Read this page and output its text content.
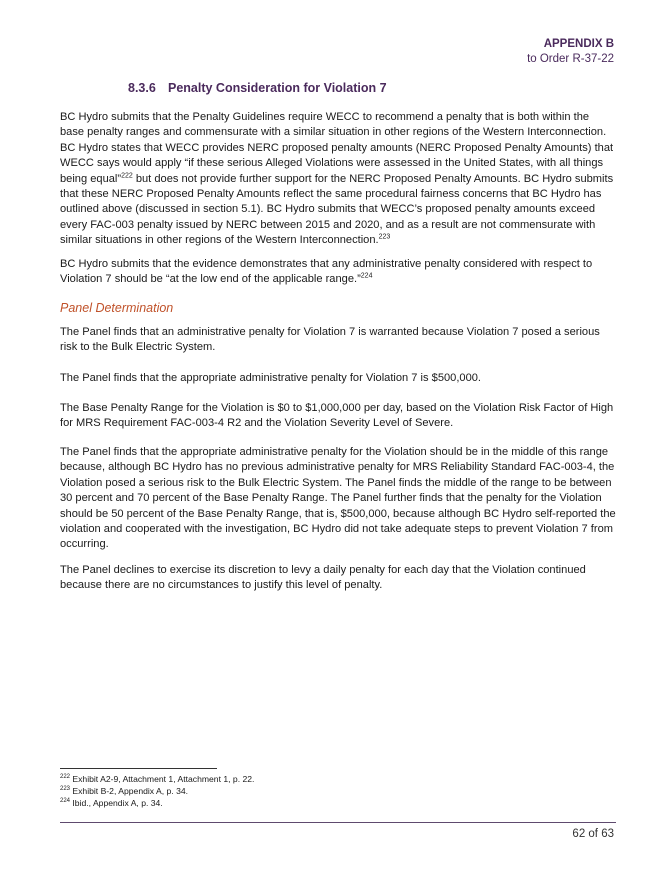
APPENDIX B
to Order R-37-22
8.3.6 Penalty Consideration for Violation 7

BC Hydro submits that the Penalty Guidelines require WECC to recommend a penalty that is both within the base penalty ranges and commensurate with a similar situation in other regions of the Western Interconnection. BC Hydro states that WECC provides NERC proposed penalty amounts (NERC Proposed Penalty Amounts) that WECC says would apply “if these serious Alleged Violations were assessed in the United States, with all things being equal”$^{222}$ but does not provide further support for the NERC Proposed Penalty Amounts. BC Hydro submits that these NERC Proposed Penalty Amounts reflect the same procedural fairness concerns that BC Hydro has outlined above (discussed in section 5.1). BC Hydro submits that WECC’s proposed penalty amounts exceed every FAC-003 penalty issued by NERC between 2015 and 2020, and as a result are not commensurate with similar situations in other regions of the Western Interconnection.$^{223}$

BC Hydro submits that the evidence demonstrates that any administrative penalty considered with respect to Violation 7 should be “at the low end of the applicable range.”$^{224}$

Panel Determination

The Panel finds that an administrative penalty for Violation 7 is warranted because Violation 7 posed a serious risk to the Bulk Electric System.

The Panel finds that the appropriate administrative penalty for Violation 7 is $500,000.

The Base Penalty Range for the Violation is $0 to $1,000,000 per day, based on the Violation Risk Factor of High for MRS Requirement FAC-003-4 R2 and the Violation Severity Level of Severe.

The Panel finds that the appropriate administrative penalty for the Violation should be in the middle of this range because, although BC Hydro has no previous administrative penalty for MRS Reliability Standard FAC-003-4, the Violation posed a serious risk to the Bulk Electric System. The Panel finds the middle of the range to be between 30 percent and 70 percent of the Base Penalty Range. The Panel further finds that the penalty for the Violation should be 50 percent of the Base Penalty Range, that is, $500,000, because although BC Hydro self-reported the violation and cooperated with the investigation, BC Hydro did not take adequate steps to prevent Violation 7 from occurring.

The Panel declines to exercise its discretion to levy a daily penalty for each day that the Violation continued because there are no circumstances to justify this level of penalty.

$^{222}$ Exhibit A2-9, Attachment 1, Attachment 1, p. 22.
$^{223}$ Exhibit B-2, Appendix A, p. 34.
$^{224}$ Ibid., Appendix A, p. 34.
62 of 63
